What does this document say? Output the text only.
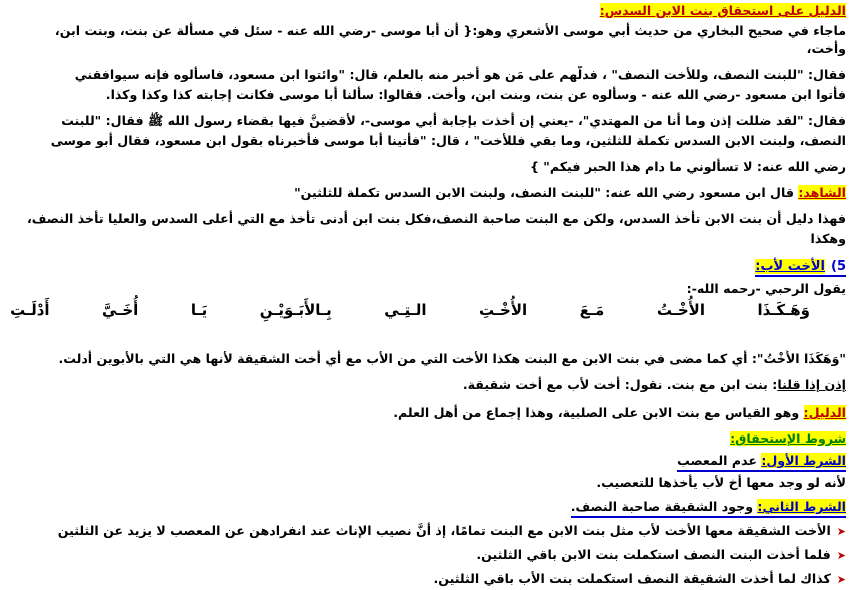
الدليل على استحقاق بنت الابن السدس:
ماجاء في صحيح البخاري من حديث أبي موسى الأشعري وهو:{ أن أبا موسى -رضي الله عنه - سئل في مسألة عن بنت، وبنت ابن،
وأخت،
فقال: "للبنت النصف، وللأخت النصف" ، فدلَّهم على مَن هو أخبر منه بالعلم، قال: "وائتوا ابن مسعود، فاسألوه فإنه سيوافقني
فأتوا ابن مسعود -رضي الله عنه - وسألوه عن بنت، وبنت ابن، وأخت. فقالوا: سألنا أبا موسى فكانت إجابته كذا وكذا وكذا.
فقال: "لقد ضللت إذن وما أنا من المهتدي"، -يعني إن أخذت بإجابة أبي موسى-، لأقضينَّ فيها بقضاء رسول الله ﷺ فقال: "للبنت
النصف، ولبنت الابن السدس تكملة للثلثين، وما بقي فللأخت" ، قال: "فأتينا أبا موسى فأخبرناه بقول ابن مسعود، فقال أبو موسى
رضي الله عنه: لا تسألوني ما دام هذا الحبر فيكم" }
الشاهد: قال ابن مسعود رضي الله عنه: "للبنت النصف، ولبنت الابن السدس تكملة للثلثين"
فهذا دليل أن بنت الابن تأخذ السدس، ولكن مع البنت صاحبة النصف،فكل بنت ابن أدنى تأخذ مع التي أعلى السدس والعليا تأخذ النصف،
وهكذا
5)الأخت لأب:
يقول الرحبي -رحمه الله-:
وَهَـكَـذَا
الأُخْـتُ
مَـعَ
الأُخْـتِ
الـتِـي
بِـالأَبَـوَيْـنِ
يَـا
أُخَـيَّ
أَدْلَـتِ
"وَهَكَذَا الأُخْتُ": أي كما مضى في بنت الابن مع البنت هكذا الأخت التي من الأب مع أي أخت الشقيقة لأنها هي التي بالأبوين أدلت.
إذن إذا قلنا: بنت ابن مع بنت. نقول: أخت لأب مع أخت شقيقة.
الدليل: وهو القياس مع بنت الابن على الصلبية، وهذا إجماع من أهل العلم.
شروط الإستحقاق:
الشرط الأول: عدم المعصب
لأنه لو وجد معها أخ لأب يأخذها للتعصيب.
الشرط الثاني: وجود الشقيقة صاحبة النصف.
➤الأخت الشقيقة معها الأخت لأب مثل بنت الابن مع البنت تمامًا، إذ أنَّ نصيب الإناث عند انفرادهن عن المعصب لا يزيد عن الثلثين
➤فلما أخذت البنت النصف استكملت بنت الابن باقي الثلثين.
➤كذاك لما أخذت الشقيقة النصف استكملت بنت الأب باقي الثلثين.
